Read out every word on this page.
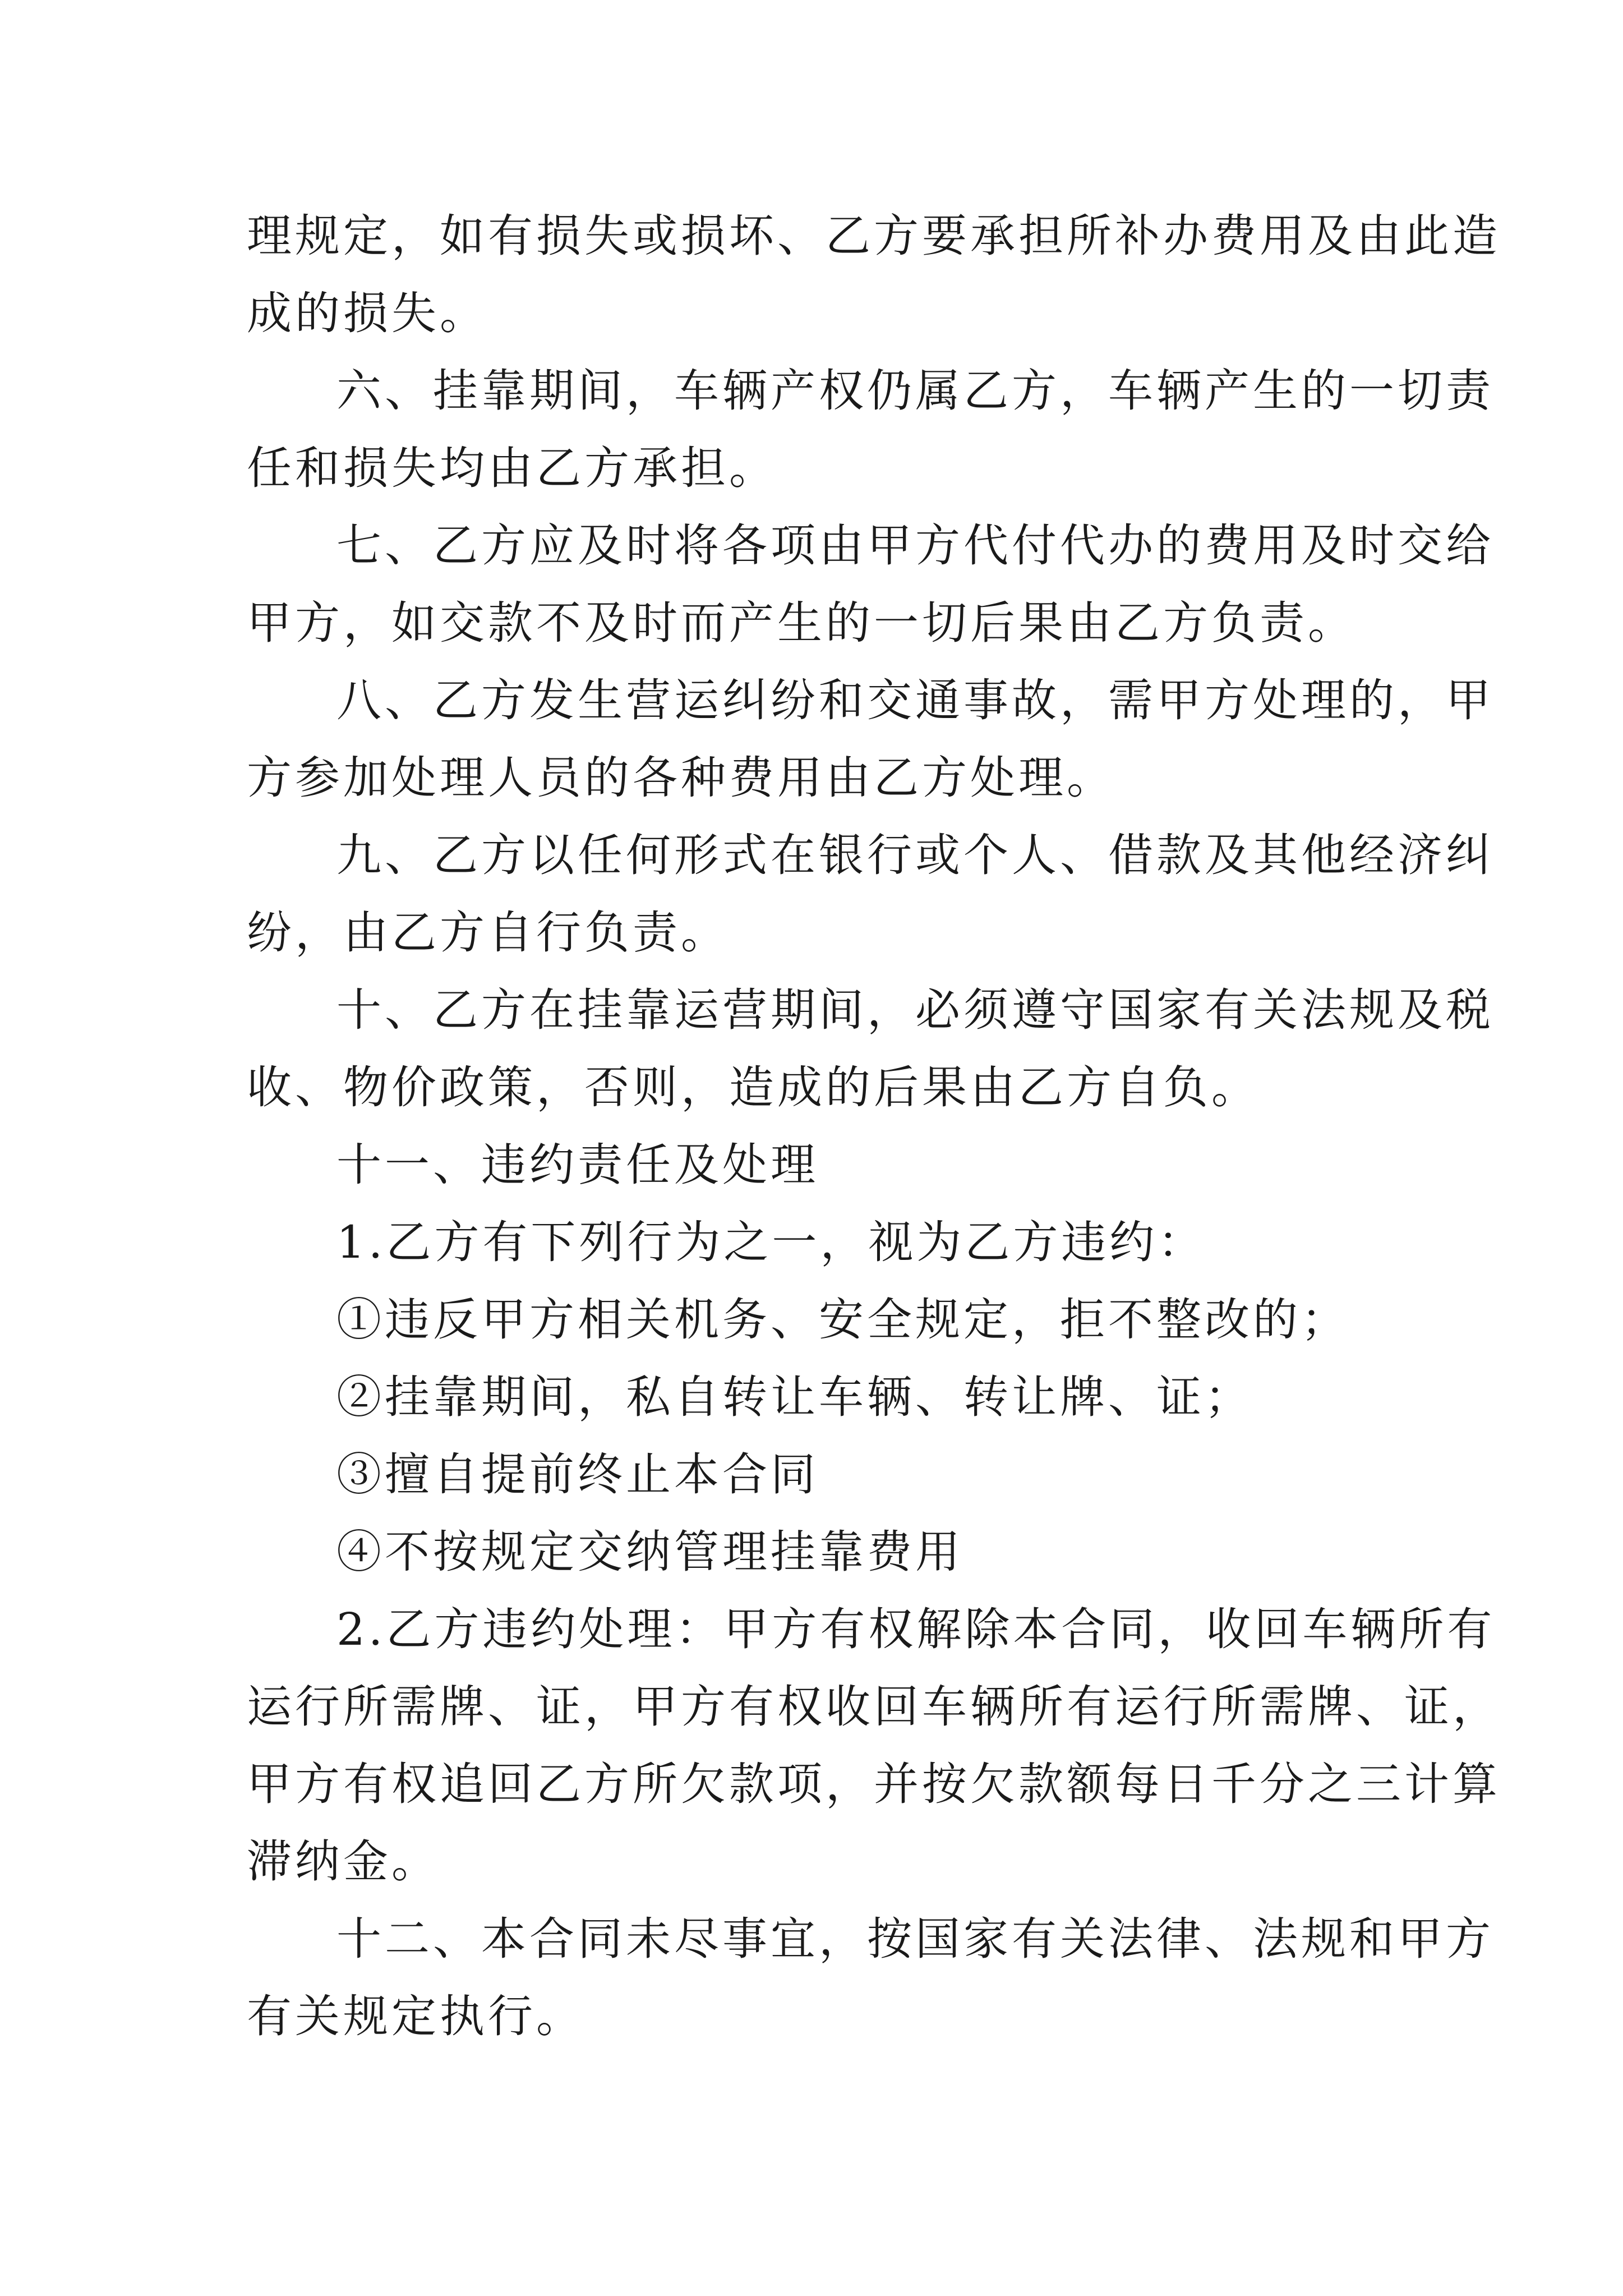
理规定，如有损失或损坏、乙方要承担所补办费用及由此造

成的损失。

六、挂靠期间，车辆产权仍属乙方，车辆产生的一切责

任和损失均由乙方承担。

七、乙方应及时将各项由甲方代付代办的费用及时交给

甲方，如交款不及时而产生的一切后果由乙方负责。

八、乙方发生营运纠纷和交通事故，需甲方处理的，甲

方参加处理人员的各种费用由乙方处理。

九、乙方以任何形式在银行或个人、借款及其他经济纠

纷，由乙方自行负责。

十、乙方在挂靠运营期间，必须遵守国家有关法规及税

收、物价政策，否则，造成的后果由乙方自负。

十一、违约责任及处理

1.乙方有下列行为之一，视为乙方违约：

①违反甲方相关机务、安全规定，拒不整改的；

②挂靠期间，私自转让车辆、转让牌、证；

③擅自提前终止本合同

④不按规定交纳管理挂靠费用

2.乙方违约处理：甲方有权解除本合同，收回车辆所有

运行所需牌、证，甲方有权收回车辆所有运行所需牌、证，

甲方有权追回乙方所欠款项，并按欠款额每日千分之三计算

滞纳金。

十二、本合同未尽事宜，按国家有关法律、法规和甲方

有关规定执行。
